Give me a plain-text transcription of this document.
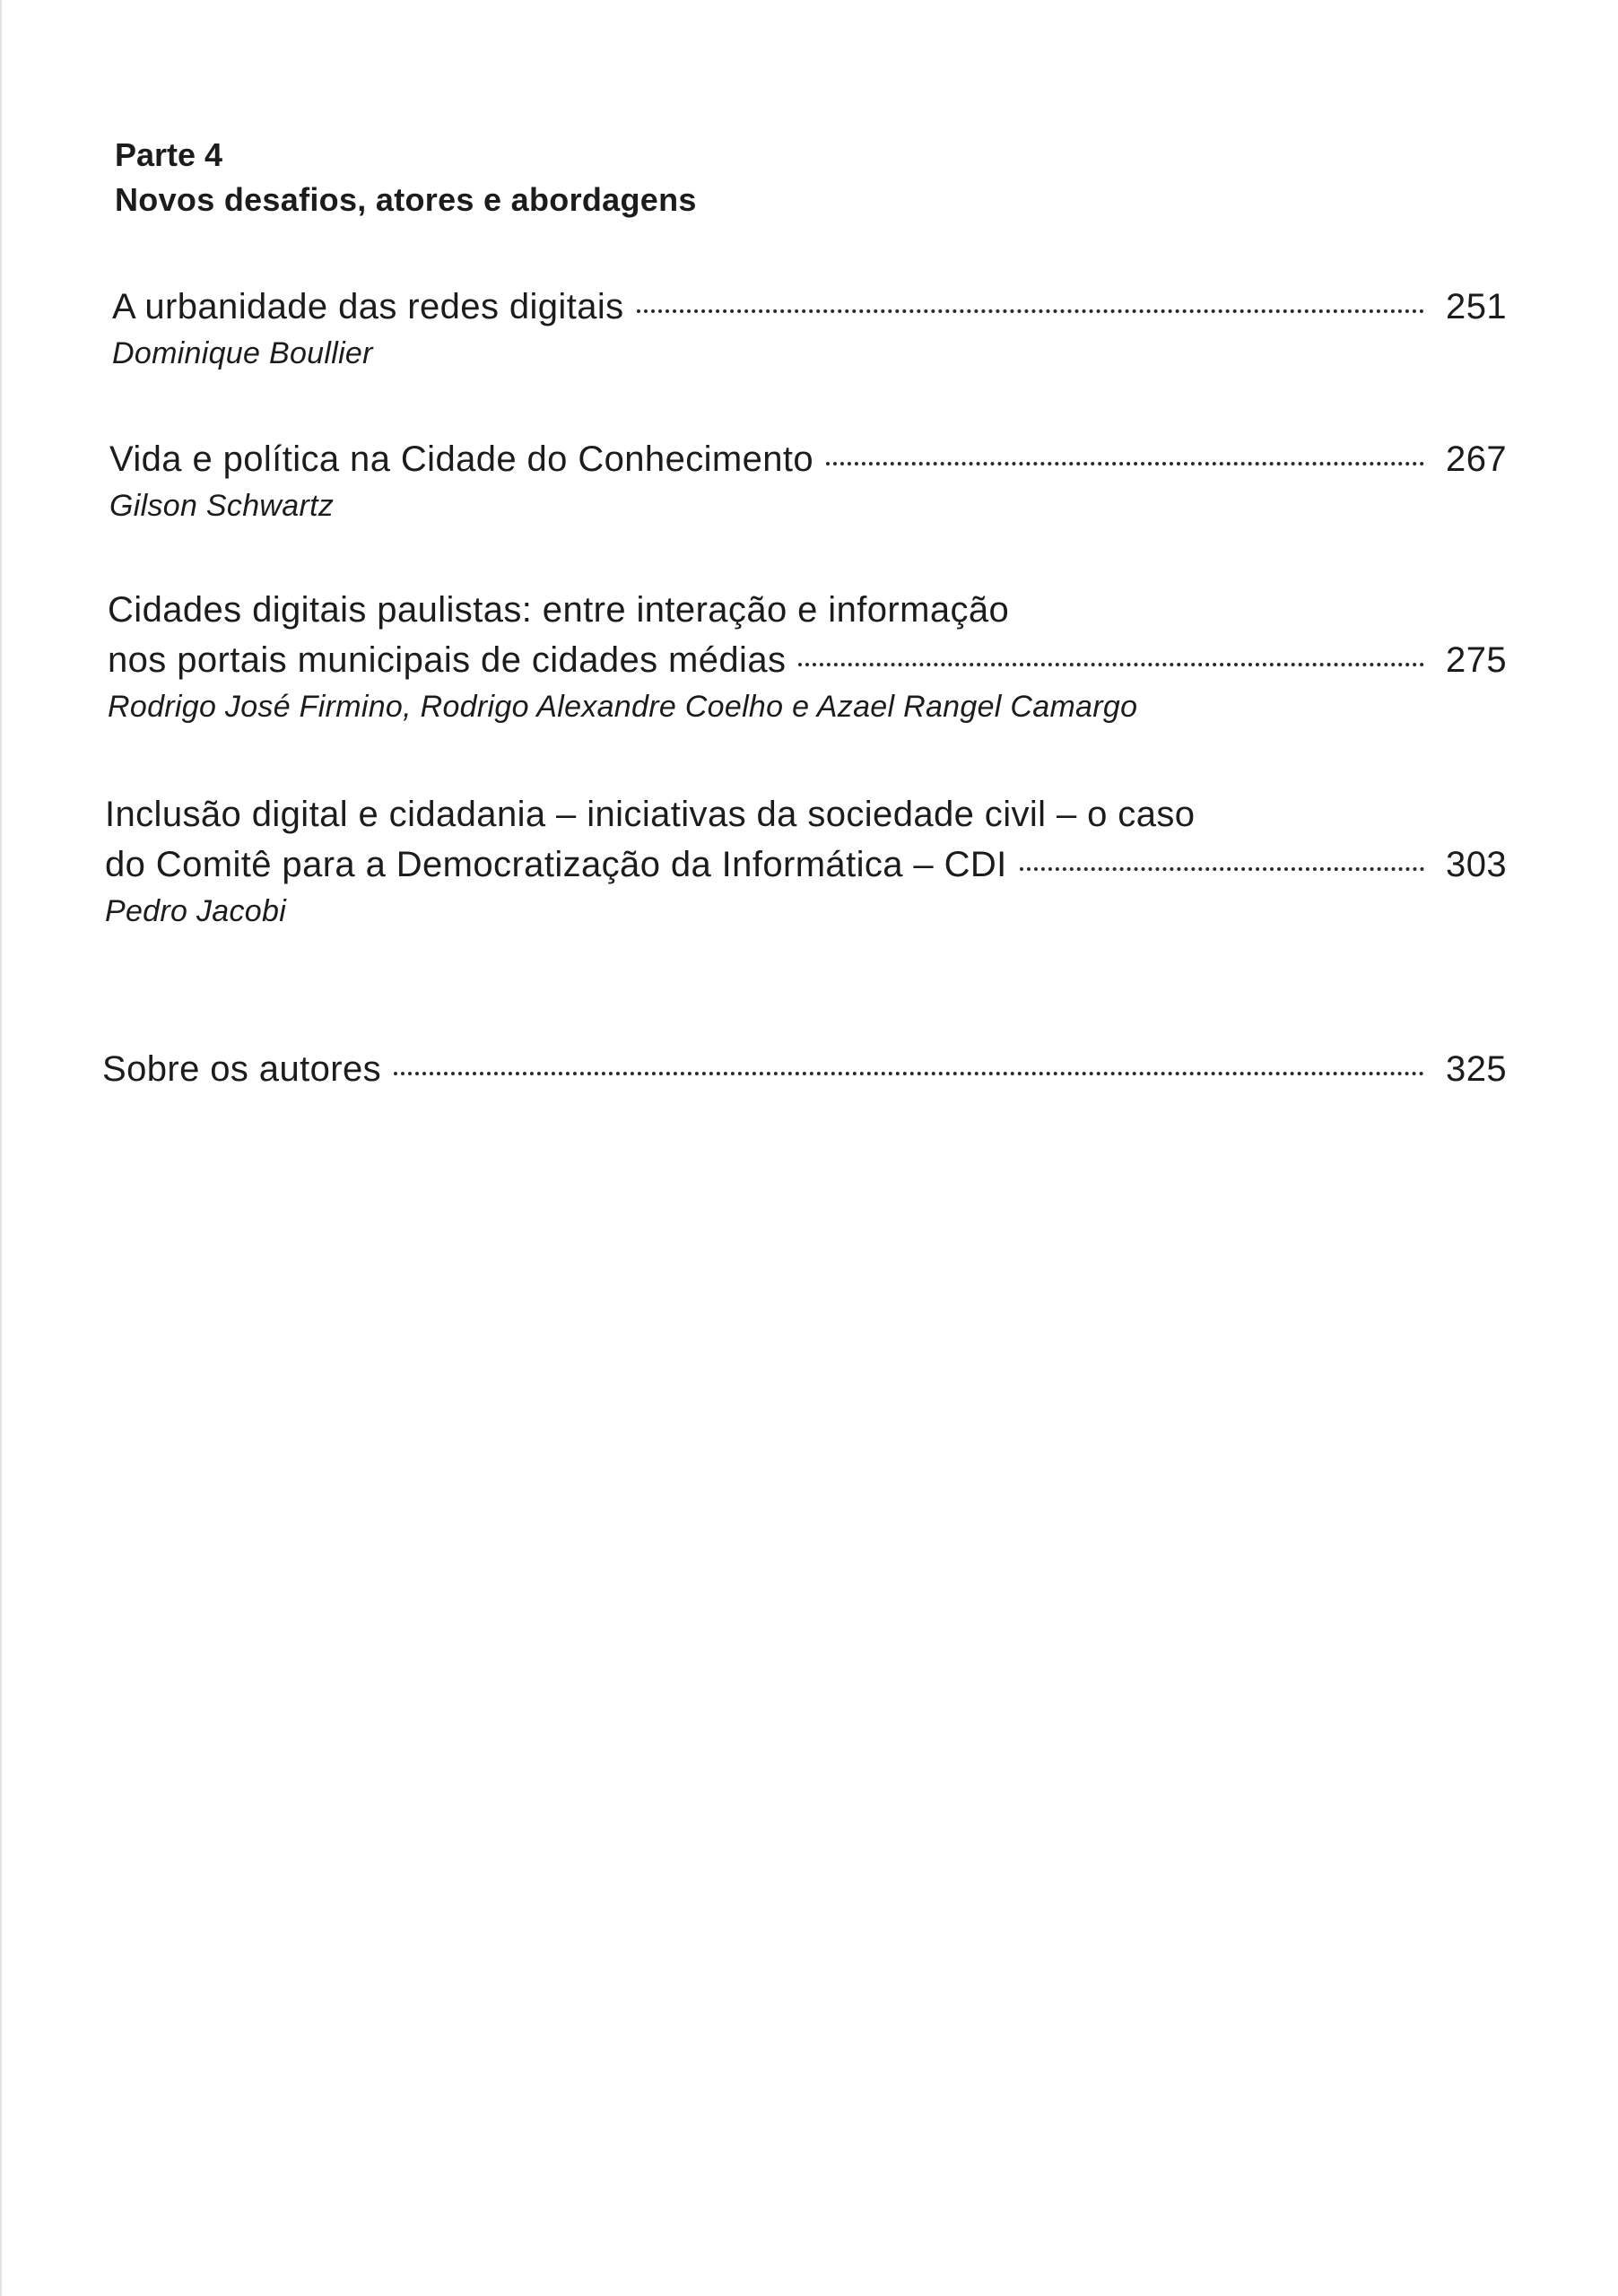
Parte 4
Novos desafios, atores e abordagens
A urbanidade das redes digitais	251
Dominique Boullier
Vida e política na Cidade do Conhecimento	267
Gilson Schwartz
Cidades digitais paulistas: entre interação e informação
nos portais municipais de cidades médias	275
Rodrigo José Firmino, Rodrigo Alexandre Coelho e Azael Rangel Camargo
Inclusão digital e cidadania – iniciativas da sociedade civil – o caso
do Comitê para a Democratização da Informática – CDI	303
Pedro Jacobi
Sobre os autores	325
